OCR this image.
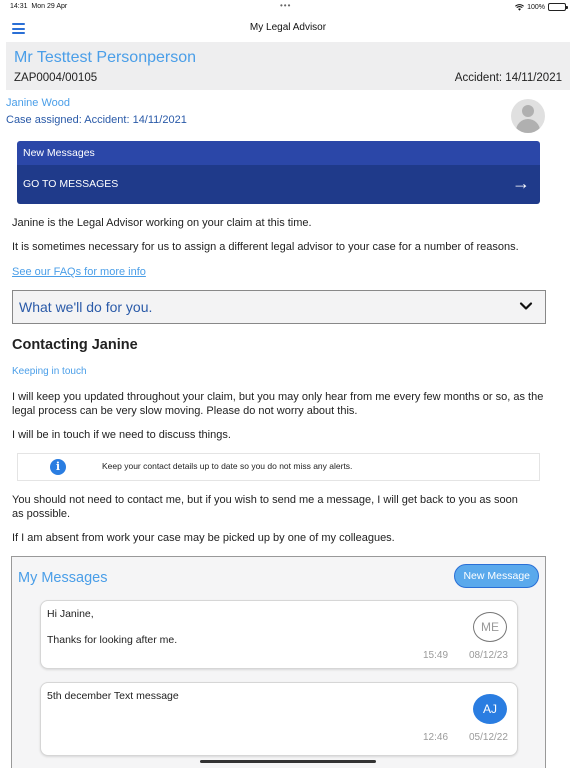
14:31 Mon 29 Apr	•••	100%
My Legal Advisor
Mr Testtest Personperson
ZAP0004/00105	Accident: 14/11/2021
Janine Wood
Case assigned: Accident: 14/11/2021
New Messages
GO TO MESSAGES	→
Janine is the Legal Advisor working on your claim at this time.
It is sometimes necessary for us to assign a different legal advisor to your case for a number of reasons.
See our FAQs for more info
What we'll do for you.
Contacting Janine
Keeping in touch
I will keep you updated throughout your claim, but you may only hear from me every few months or so, as the legal process can be very slow moving. Please do not worry about this.
I will be in touch if we need to discuss things.
i	Keep your contact details up to date so you do not miss any alerts.
You should not need to contact me, but if you wish to send me a message, I will get back to you as soon as possible.
If I am absent from work your case may be picked up by one of my colleagues.
My Messages	New Message
Hi Janine,
Thanks for looking after me.
ME
15:49 08/12/23
5th december Text message
AJ
12:46 05/12/22
